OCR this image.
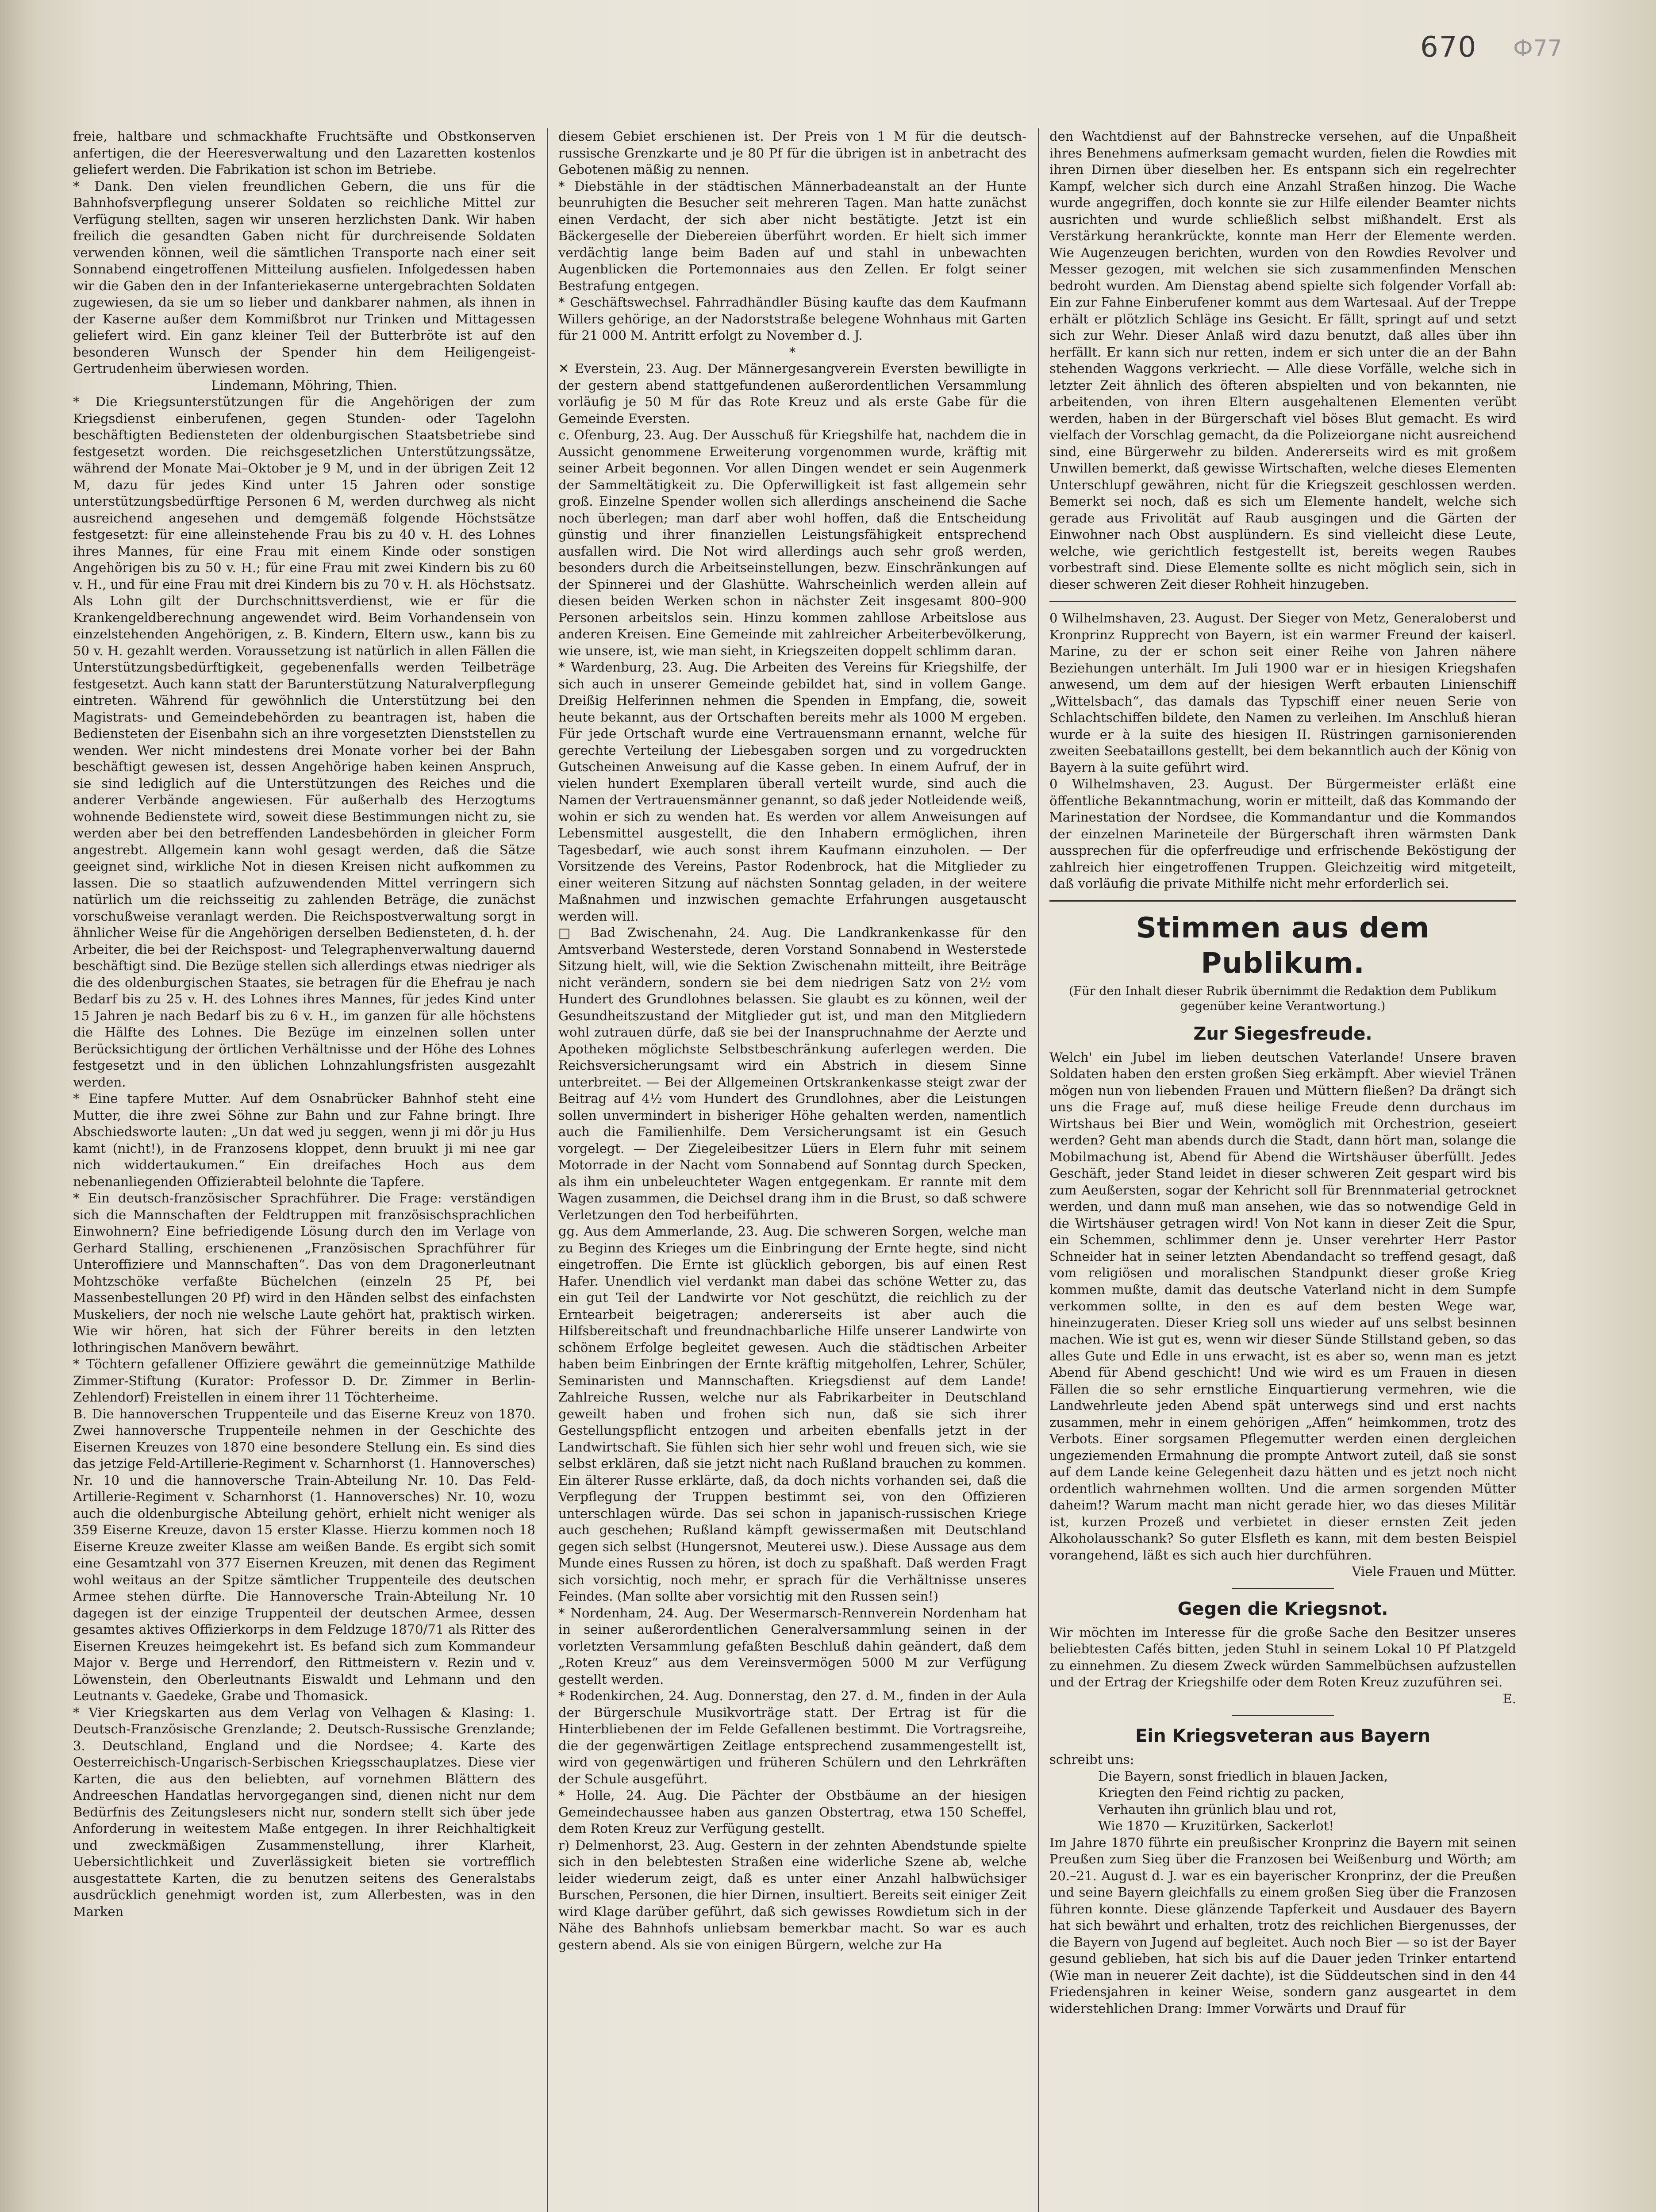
670 Ф77

freie, haltbare und schmackhafte Fruchtsäfte und Obstkonserven anfertigen, die der Heeresverwaltung und den Lazaretten kostenlos geliefert werden. Die Fabrikation ist schon im Betriebe.

* Dank. Den vielen freundlichen Gebern, die uns für die Bahnhofsverpflegung unserer Soldaten so reichliche Mittel zur Verfügung stellten, sagen wir unseren herzlichsten Dank. Wir haben freilich die gesandten Gaben nicht für durchreisende Soldaten verwenden können, weil die sämtlichen Transporte nach einer seit Sonnabend eingetroffenen Mitteilung ausfielen. Infolgedessen haben wir die Gaben den in der Infanteriekaserne untergebrachten Soldaten zugewiesen, da sie um so lieber und dankbarer nahmen, als ihnen in der Kaserne außer dem Kommißbrot nur Trinken und Mittagessen geliefert wird. Ein ganz kleiner Teil der Butterbröte ist auf den besonderen Wunsch der Spender hin dem Heiligengeist-Gertrudenheim überwiesen worden.

Lindemann, Möhring, Thien.

* Die Kriegsunterstützungen für die Angehörigen der zum Kriegsdienst einberufenen, gegen Stunden- oder Tagelohn beschäftigten Bediensteten der oldenburgischen Staatsbetriebe sind festgesetzt worden. Die reichsgesetzlichen Unterstützungssätze, während der Monate Mai–Oktober je 9 M, und in der übrigen Zeit 12 M, dazu für jedes Kind unter 15 Jahren oder sonstige unterstützungsbedürftige Personen 6 M, werden durchweg als nicht ausreichend angesehen und demgemäß folgende Höchstsätze festgesetzt: für eine alleinstehende Frau bis zu 40 v. H. des Lohnes ihres Mannes, für eine Frau mit einem Kinde oder sonstigen Angehörigen bis zu 50 v. H.; für eine Frau mit zwei Kindern bis zu 60 v. H., und für eine Frau mit drei Kindern bis zu 70 v. H. als Höchstsatz. Als Lohn gilt der Durchschnittsverdienst, wie er für die Krankengeldberechnung angewendet wird. Beim Vorhandensein von einzelstehenden Angehörigen, z. B. Kindern, Eltern usw., kann bis zu 50 v. H. gezahlt werden. Voraussetzung ist natürlich in allen Fällen die Unterstützungsbedürftigkeit, gegebenenfalls werden Teilbeträge festgesetzt. Auch kann statt der Barunterstützung Naturalverpflegung eintreten. Während für gewöhnlich die Unterstützung bei den Magistrats- und Gemeindebehörden zu beantragen ist, haben die Bediensteten der Eisenbahn sich an ihre vorgesetzten Dienststellen zu wenden. Wer nicht mindestens drei Monate vorher bei der Bahn beschäftigt gewesen ist, dessen Angehörige haben keinen Anspruch, sie sind lediglich auf die Unterstützungen des Reiches und die anderer Verbände angewiesen. Für außerhalb des Herzogtums wohnende Bedienstete wird, soweit diese Bestimmungen nicht zu, sie werden aber bei den betreffenden Landesbehörden in gleicher Form angestrebt. Allgemein kann wohl gesagt werden, daß die Sätze geeignet sind, wirkliche Not in diesen Kreisen nicht aufkommen zu lassen. Die so staatlich aufzuwendenden Mittel verringern sich natürlich um die reichsseitig zu zahlenden Beträge, die zunächst vorschußweise veranlagt werden. Die Reichspostverwaltung sorgt in ähnlicher Weise für die Angehörigen derselben Bediensteten, d. h. der Arbeiter, die bei der Reichspost- und Telegraphenverwaltung dauernd beschäftigt sind. Die Bezüge stellen sich allerdings etwas niedriger als die des oldenburgischen Staates, sie betragen für die Ehefrau je nach Bedarf bis zu 25 v. H. des Lohnes ihres Mannes, für jedes Kind unter 15 Jahren je nach Bedarf bis zu 6 v. H., im ganzen für alle höchstens die Hälfte des Lohnes. Die Bezüge im einzelnen sollen unter Berücksichtigung der örtlichen Verhältnisse und der Höhe des Lohnes festgesetzt und in den üblichen Lohnzahlungsfristen ausgezahlt werden.

* Eine tapfere Mutter. Auf dem Osnabrücker Bahnhof steht eine Mutter, die ihre zwei Söhne zur Bahn und zur Fahne bringt. Ihre Abschiedsworte lauten: „Un dat wed ju seggen, wenn ji mi dör ju Hus kamt (nicht!), in de Franzosens kloppet, denn bruukt ji mi nee gar nich widdertaukumen.“ Ein dreifaches Hoch aus dem nebenanliegenden Offizierabteil belohnte die Tapfere.

* Ein deutsch-französischer Sprachführer. Die Frage: verständigen sich die Mannschaften der Feldtruppen mit französischsprachlichen Einwohnern? Eine befriedigende Lösung durch den im Verlage von Gerhard Stalling, erschienenen „Französischen Sprachführer für Unteroffiziere und Mannschaften“. Das von dem Dragonerleutnant Mohtzschöke verfaßte Büchelchen (einzeln 25 Pf, bei Massenbestellungen 20 Pf) wird in den Händen selbst des einfachsten Muskeliers, der noch nie welsche Laute gehört hat, praktisch wirken. Wie wir hören, hat sich der Führer bereits in den letzten lothringischen Manövern bewährt.

* Töchtern gefallener Offiziere gewährt die gemeinnützige Mathilde Zimmer-Stiftung (Kurator: Professor D. Dr. Zimmer in Berlin-Zehlendorf) Freistellen in einem ihrer 11 Töchterheime.

B. Die hannoverschen Truppenteile und das Eiserne Kreuz von 1870. Zwei hannoversche Truppenteile nehmen in der Geschichte des Eisernen Kreuzes von 1870 eine besondere Stellung ein. Es sind dies das jetzige Feld-Artillerie-Regiment v. Scharnhorst (1. Hannoversches) Nr. 10 und die hannoversche Train-Abteilung Nr. 10. Das Feld-Artillerie-Regiment v. Scharnhorst (1. Hannoversches) Nr. 10, wozu auch die oldenburgische Abteilung gehört, erhielt nicht weniger als 359 Eiserne Kreuze, davon 15 erster Klasse. Hierzu kommen noch 18 Eiserne Kreuze zweiter Klasse am weißen Bande. Es ergibt sich somit eine Gesamtzahl von 377 Eisernen Kreuzen, mit denen das Regiment wohl weitaus an der Spitze sämtlicher Truppenteile des deutschen Armee stehen dürfte. Die Hannoversche Train-Abteilung Nr. 10 dagegen ist der einzige Truppenteil der deutschen Armee, dessen gesamtes aktives Offizierkorps in dem Feldzuge 1870/71 als Ritter des Eisernen Kreuzes heimgekehrt ist. Es befand sich zum Kommandeur Major v. Berge und Herrendorf, den Rittmeistern v. Rezin und v. Löwenstein, den Oberleutnants Eiswaldt und Lehmann und den Leutnants v. Gaedeke, Grabe und Thomasick.

* Vier Kriegskarten aus dem Verlag von Velhagen & Klasing: 1. Deutsch-Französische Grenzlande; 2. Deutsch-Russische Grenzlande; 3. Deutschland, England und die Nordsee; 4. Karte des Oesterreichisch-Ungarisch-Serbischen Kriegsschauplatzes. Diese vier Karten, die aus den beliebten, auf vornehmen Blättern des Andreeschen Handatlas hervorgegangen sind, dienen nicht nur dem Bedürfnis des Zeitungslesers nicht nur, sondern stellt sich über jede Anforderung in weitestem Maße entgegen. In ihrer Reichhaltigkeit und zweckmäßigen Zusammenstellung, ihrer Klarheit, Uebersichtlichkeit und Zuverlässigkeit bieten sie vortrefflich ausgestattete Karten, die zu benutzen seitens des Generalstabs ausdrücklich genehmigt worden ist, zum Allerbesten, was in den Marken

diesem Gebiet erschienen ist. Der Preis von 1 M für die deutsch-russische Grenzkarte und je 80 Pf für die übrigen ist in anbetracht des Gebotenen mäßig zu nennen.

* Diebstähle in der städtischen Männerbadeanstalt an der Hunte beunruhigten die Besucher seit mehreren Tagen. Man hatte zunächst einen Verdacht, der sich aber nicht bestätigte. Jetzt ist ein Bäckergeselle der Diebereien überführt worden. Er hielt sich immer verdächtig lange beim Baden auf und stahl in unbewachten Augenblicken die Portemonnaies aus den Zellen. Er folgt seiner Bestrafung entgegen.

* Geschäftswechsel. Fahrradhändler Büsing kaufte das dem Kaufmann Willers gehörige, an der Nadorststraße belegene Wohnhaus mit Garten für 21 000 M. Antritt erfolgt zu November d. J.

*

✕ Everstein, 23. Aug. Der Männergesangverein Eversten bewilligte in der gestern abend stattgefundenen außerordentlichen Versammlung vorläufig je 50 M für das Rote Kreuz und als erste Gabe für die Gemeinde Eversten.

c. Ofenburg, 23. Aug. Der Ausschuß für Kriegshilfe hat, nachdem die in Aussicht genommene Erweiterung vorgenommen wurde, kräftig mit seiner Arbeit begonnen. Vor allen Dingen wendet er sein Augenmerk der Sammeltätigkeit zu. Die Opferwilligkeit ist fast allgemein sehr groß. Einzelne Spender wollen sich allerdings anscheinend die Sache noch überlegen; man darf aber wohl hoffen, daß die Entscheidung günstig und ihrer finanziellen Leistungsfähigkeit entsprechend ausfallen wird. Die Not wird allerdings auch sehr groß werden, besonders durch die Arbeitseinstellungen, bezw. Einschränkungen auf der Spinnerei und der Glashütte. Wahrscheinlich werden allein auf diesen beiden Werken schon in nächster Zeit insgesamt 800–900 Personen arbeitslos sein. Hinzu kommen zahllose Arbeitslose aus anderen Kreisen. Eine Gemeinde mit zahlreicher Arbeiterbevölkerung, wie unsere, ist, wie man sieht, in Kriegszeiten doppelt schlimm daran.

* Wardenburg, 23. Aug. Die Arbeiten des Vereins für Kriegshilfe, der sich auch in unserer Gemeinde gebildet hat, sind in vollem Gange. Dreißig Helferinnen nehmen die Spenden in Empfang, die, soweit heute bekannt, aus der Ortschaften bereits mehr als 1000 M ergeben. Für jede Ortschaft wurde eine Vertrauensmann ernannt, welche für gerechte Verteilung der Liebesgaben sorgen und zu vorgedruckten Gutscheinen Anweisung auf die Kasse geben. In einem Aufruf, der in vielen hundert Exemplaren überall verteilt wurde, sind auch die Namen der Vertrauensmänner genannt, so daß jeder Notleidende weiß, wohin er sich zu wenden hat. Es werden vor allem Anweisungen auf Lebensmittel ausgestellt, die den Inhabern ermöglichen, ihren Tagesbedarf, wie auch sonst ihrem Kaufmann einzuholen. — Der Vorsitzende des Vereins, Pastor Rodenbrock, hat die Mitglieder zu einer weiteren Sitzung auf nächsten Sonntag geladen, in der weitere Maßnahmen und inzwischen gemachte Erfahrungen ausgetauscht werden will.

□ Bad Zwischenahn, 24. Aug. Die Landkrankenkasse für den Amtsverband Westerstede, deren Vorstand Sonnabend in Westerstede Sitzung hielt, will, wie die Sektion Zwischenahn mitteilt, ihre Beiträge nicht verändern, sondern sie bei dem niedrigen Satz von 2½ vom Hundert des Grundlohnes belassen. Sie glaubt es zu können, weil der Gesundheitszustand der Mitglieder gut ist, und man den Mitgliedern wohl zutrauen dürfe, daß sie bei der Inanspruchnahme der Aerzte und Apotheken möglichste Selbstbeschränkung auferlegen werden. Die Reichsversicherungsamt wird ein Abstrich in diesem Sinne unterbreitet. — Bei der Allgemeinen Ortskrankenkasse steigt zwar der Beitrag auf 4½ vom Hundert des Grundlohnes, aber die Leistungen sollen unvermindert in bisheriger Höhe gehalten werden, namentlich auch die Familienhilfe. Dem Versicherungsamt ist ein Gesuch vorgelegt. — Der Ziegeleibesitzer Lüers in Elern fuhr mit seinem Motorrade in der Nacht vom Sonnabend auf Sonntag durch Specken, als ihm ein unbeleuchteter Wagen entgegenkam. Er rannte mit dem Wagen zusammen, die Deichsel drang ihm in die Brust, so daß schwere Verletzungen den Tod herbeiführten.

gg. Aus dem Ammerlande, 23. Aug. Die schweren Sorgen, welche man zu Beginn des Krieges um die Einbringung der Ernte hegte, sind nicht eingetroffen. Die Ernte ist glücklich geborgen, bis auf einen Rest Hafer. Unendlich viel verdankt man dabei das schöne Wetter zu, das ein gut Teil der Landwirte vor Not geschützt, die reichlich zu der Erntearbeit beigetragen; andererseits ist aber auch die Hilfsbereitschaft und freundnachbarliche Hilfe unserer Landwirte von schönem Erfolge begleitet gewesen. Auch die städtischen Arbeiter haben beim Einbringen der Ernte kräftig mitgeholfen, Lehrer, Schüler, Seminaristen und Mannschaften. Kriegsdienst auf dem Lande! Zahlreiche Russen, welche nur als Fabrikarbeiter in Deutschland geweilt haben und frohen sich nun, daß sie sich ihrer Gestellungspflicht entzogen und arbeiten ebenfalls jetzt in der Landwirtschaft. Sie fühlen sich hier sehr wohl und freuen sich, wie sie selbst erklären, daß sie jetzt nicht nach Rußland brauchen zu kommen. Ein älterer Russe erklärte, daß, da doch nichts vorhanden sei, daß die Verpflegung der Truppen bestimmt sei, von den Offizieren unterschlagen würde. Das sei schon in japanisch-russischen Kriege auch geschehen; Rußland kämpft gewissermaßen mit Deutschland gegen sich selbst (Hungersnot, Meuterei usw.). Diese Aussage aus dem Munde eines Russen zu hören, ist doch zu spaßhaft. Daß werden Fragt sich vorsichtig, noch mehr, er sprach für die Verhältnisse unseres Feindes. (Man sollte aber vorsichtig mit den Russen sein!)

* Nordenham, 24. Aug. Der Wesermarsch-Rennverein Nordenham hat in seiner außerordentlichen Generalversammlung seinen in der vorletzten Versammlung gefaßten Beschluß dahin geändert, daß dem „Roten Kreuz“ aus dem Vereinsvermögen 5000 M zur Verfügung gestellt werden.

* Rodenkirchen, 24. Aug. Donnerstag, den 27. d. M., finden in der Aula der Bürgerschule Musikvorträge statt. Der Ertrag ist für die Hinterbliebenen der im Felde Gefallenen bestimmt. Die Vortragsreihe, die der gegenwärtigen Zeitlage entsprechend zusammengestellt ist, wird von gegenwärtigen und früheren Schülern und den Lehrkräften der Schule ausgeführt.

* Holle, 24. Aug. Die Pächter der Obstbäume an der hiesigen Gemeindechaussee haben aus ganzen Obstertrag, etwa 150 Scheffel, dem Roten Kreuz zur Verfügung gestellt.

r) Delmenhorst, 23. Aug. Gestern in der zehnten Abendstunde spielte sich in den belebtesten Straßen eine widerliche Szene ab, welche leider wiederum zeigt, daß es unter einer Anzahl halbwüchsiger Burschen, Personen, die hier Dirnen, insultiert. Bereits seit einiger Zeit wird Klage darüber geführt, daß sich gewisses Rowdietum sich in der Nähe des Bahnhofs unliebsam bemerkbar macht. So war es auch gestern abend. Als sie von einigen Bürgern, welche zur Ha

den Wachtdienst auf der Bahnstrecke versehen, auf die Unpaßheit ihres Benehmens aufmerksam gemacht wurden, fielen die Rowdies mit ihren Dirnen über dieselben her. Es entspann sich ein regelrechter Kampf, welcher sich durch eine Anzahl Straßen hinzog. Die Wache wurde angegriffen, doch konnte sie zur Hilfe eilender Beamter nichts ausrichten und wurde schließlich selbst mißhandelt. Erst als Verstärkung herankrückte, konnte man Herr der Elemente werden. Wie Augenzeugen berichten, wurden von den Rowdies Revolver und Messer gezogen, mit welchen sie sich zusammenfinden Menschen bedroht wurden. Am Dienstag abend spielte sich folgender Vorfall ab: Ein zur Fahne Einberufener kommt aus dem Wartesaal. Auf der Treppe erhält er plötzlich Schläge ins Gesicht. Er fällt, springt auf und setzt sich zur Wehr. Dieser Anlaß wird dazu benutzt, daß alles über ihn herfällt. Er kann sich nur retten, indem er sich unter die an der Bahn stehenden Waggons verkriecht. — Alle diese Vorfälle, welche sich in letzter Zeit ähnlich des öfteren abspielten und von bekannten, nie arbeitenden, von ihren Eltern ausgehaltenen Elementen verübt werden, haben in der Bürgerschaft viel böses Blut gemacht. Es wird vielfach der Vorschlag gemacht, da die Polizeiorgane nicht ausreichend sind, eine Bürgerwehr zu bilden. Andererseits wird es mit großem Unwillen bemerkt, daß gewisse Wirtschaften, welche dieses Elementen Unterschlupf gewähren, nicht für die Kriegszeit geschlossen werden. Bemerkt sei noch, daß es sich um Elemente handelt, welche sich gerade aus Frivolität auf Raub ausgingen und die Gärten der Einwohner nach Obst ausplündern. Es sind vielleicht diese Leute, welche, wie gerichtlich festgestellt ist, bereits wegen Raubes vorbestraft sind. Diese Elemente sollte es nicht möglich sein, sich in dieser schweren Zeit dieser Rohheit hinzugeben.

0 Wilhelmshaven, 23. August. Der Sieger von Metz, Generaloberst und Kronprinz Rupprecht von Bayern, ist ein warmer Freund der kaiserl. Marine, zu der er schon seit einer Reihe von Jahren nähere Beziehungen unterhält. Im Juli 1900 war er in hiesigen Kriegshafen anwesend, um dem auf der hiesigen Werft erbauten Linienschiff „Wittelsbach“, das damals das Typschiff einer neuen Serie von Schlachtschiffen bildete, den Namen zu verleihen. Im Anschluß hieran wurde er à la suite des hiesigen II. Rüstringen garnisonierenden zweiten Seebataillons gestellt, bei dem bekanntlich auch der König von Bayern à la suite geführt wird.

0 Wilhelmshaven, 23. August. Der Bürgermeister erläßt eine öffentliche Bekanntmachung, worin er mitteilt, daß das Kommando der Marinestation der Nordsee, die Kommandantur und die Kommandos der einzelnen Marineteile der Bürgerschaft ihren wärmsten Dank aussprechen für die opferfreudige und erfrischende Beköstigung der zahlreich hier eingetroffenen Truppen. Gleichzeitig wird mitgeteilt, daß vorläufig die private Mithilfe nicht mehr erforderlich sei.

Stimmen aus dem Publikum.
(Für den Inhalt dieser Rubrik übernimmt die Redaktion dem Publikum gegenüber keine Verantwortung.)
Zur Siegesfreude.

Welch' ein Jubel im lieben deutschen Vaterlande! Unsere braven Soldaten haben den ersten großen Sieg erkämpft. Aber wieviel Tränen mögen nun von liebenden Frauen und Müttern fließen? Da drängt sich uns die Frage auf, muß diese heilige Freude denn durchaus im Wirtshaus bei Bier und Wein, womöglich mit Orchestrion, geseiert werden? Geht man abends durch die Stadt, dann hört man, solange die Mobilmachung ist, Abend für Abend die Wirtshäuser überfüllt. Jedes Geschäft, jeder Stand leidet in dieser schweren Zeit gespart wird bis zum Aeußersten, sogar der Kehricht soll für Brennmaterial getrocknet werden, und dann muß man ansehen, wie das so notwendige Geld in die Wirtshäuser getragen wird! Von Not kann in dieser Zeit die Spur, ein Schemmen, schlimmer denn je. Unser verehrter Herr Pastor Schneider hat in seiner letzten Abendandacht so treffend gesagt, daß vom religiösen und moralischen Standpunkt dieser große Krieg kommen mußte, damit das deutsche Vaterland nicht in dem Sumpfe verkommen sollte, in den es auf dem besten Wege war, hineinzugeraten. Dieser Krieg soll uns wieder auf uns selbst besinnen machen. Wie ist gut es, wenn wir dieser Sünde Stillstand geben, so das alles Gute und Edle in uns erwacht, ist es aber so, wenn man es jetzt Abend für Abend geschicht! Und wie wird es um Frauen in diesen Fällen die so sehr ernstliche Einquartierung vermehren, wie die Landwehrleute jeden Abend spät unterwegs sind und erst nachts zusammen, mehr in einem gehörigen „Affen“ heimkommen, trotz des Verbots. Einer sorgsamen Pflegemutter werden einen dergleichen ungeziemenden Ermahnung die prompte Antwort zuteil, daß sie sonst auf dem Lande keine Gelegenheit dazu hätten und es jetzt noch nicht ordentlich wahrnehmen wollten. Und die armen sorgenden Mütter daheim!? Warum macht man nicht gerade hier, wo das dieses Militär ist, kurzen Prozeß und verbietet in dieser ernsten Zeit jeden Alkoholausschank? So guter Elsfleth es kann, mit dem besten Beispiel vorangehend, läßt es sich auch hier durchführen.

Viele Frauen und Mütter.

Gegen die Kriegsnot.

Wir möchten im Interesse für die große Sache den Besitzer unseres beliebtesten Cafés bitten, jeden Stuhl in seinem Lokal 10 Pf Platzgeld zu einnehmen. Zu diesem Zweck würden Sammelbüchsen aufzustellen und der Ertrag der Kriegshilfe oder dem Roten Kreuz zuzuführen sei.

E.

Ein Kriegsveteran aus Bayern

schreibt uns:

Die Bayern, sonst friedlich in blauen Jacken,

Kriegten den Feind richtig zu packen,

Verhauten ihn grünlich blau und rot,

Wie 1870 — Kruzitürken, Sackerlot!

Im Jahre 1870 führte ein preußischer Kronprinz die Bayern mit seinen Preußen zum Sieg über die Franzosen bei Weißenburg und Wörth; am 20.–21. August d. J. war es ein bayerischer Kronprinz, der die Preußen und seine Bayern gleichfalls zu einem großen Sieg über die Franzosen führen konnte. Diese glänzende Tapferkeit und Ausdauer des Bayern hat sich bewährt und erhalten, trotz des reichlichen Biergenusses, der die Bayern von Jugend auf begleitet. Auch noch Bier — so ist der Bayer gesund geblieben, hat sich bis auf die Dauer jeden Trinker entartend (Wie man in neuerer Zeit dachte), ist die Süddeutschen sind in den 44 Friedensjahren in keiner Weise, sondern ganz ausgeartet in dem widerstehlichen Drang: Immer Vorwärts und Drauf für
